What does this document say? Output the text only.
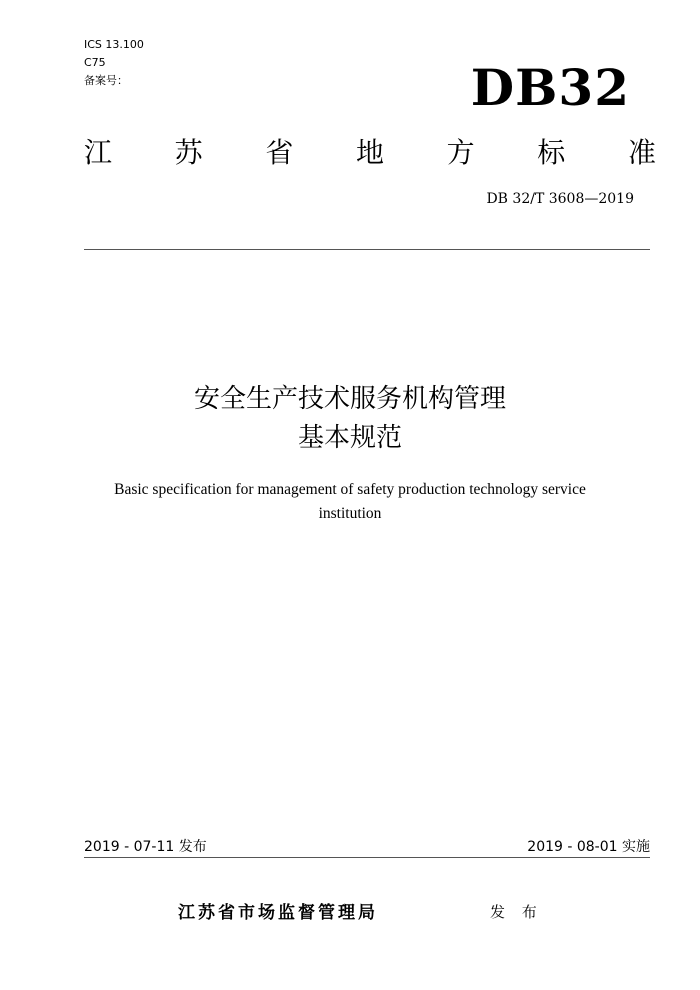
ICS 13.100
C75
备案号：	DB32
江 苏 省 地 方 标 准
DB 32/T 3608—2019
安全生产技术服务机构管理
基本规范
Basic specification for management of safety production technology service
institution
2019 - 07-11 发布	2019 - 08-01 实施
江苏省市场监督管理局	发 布
